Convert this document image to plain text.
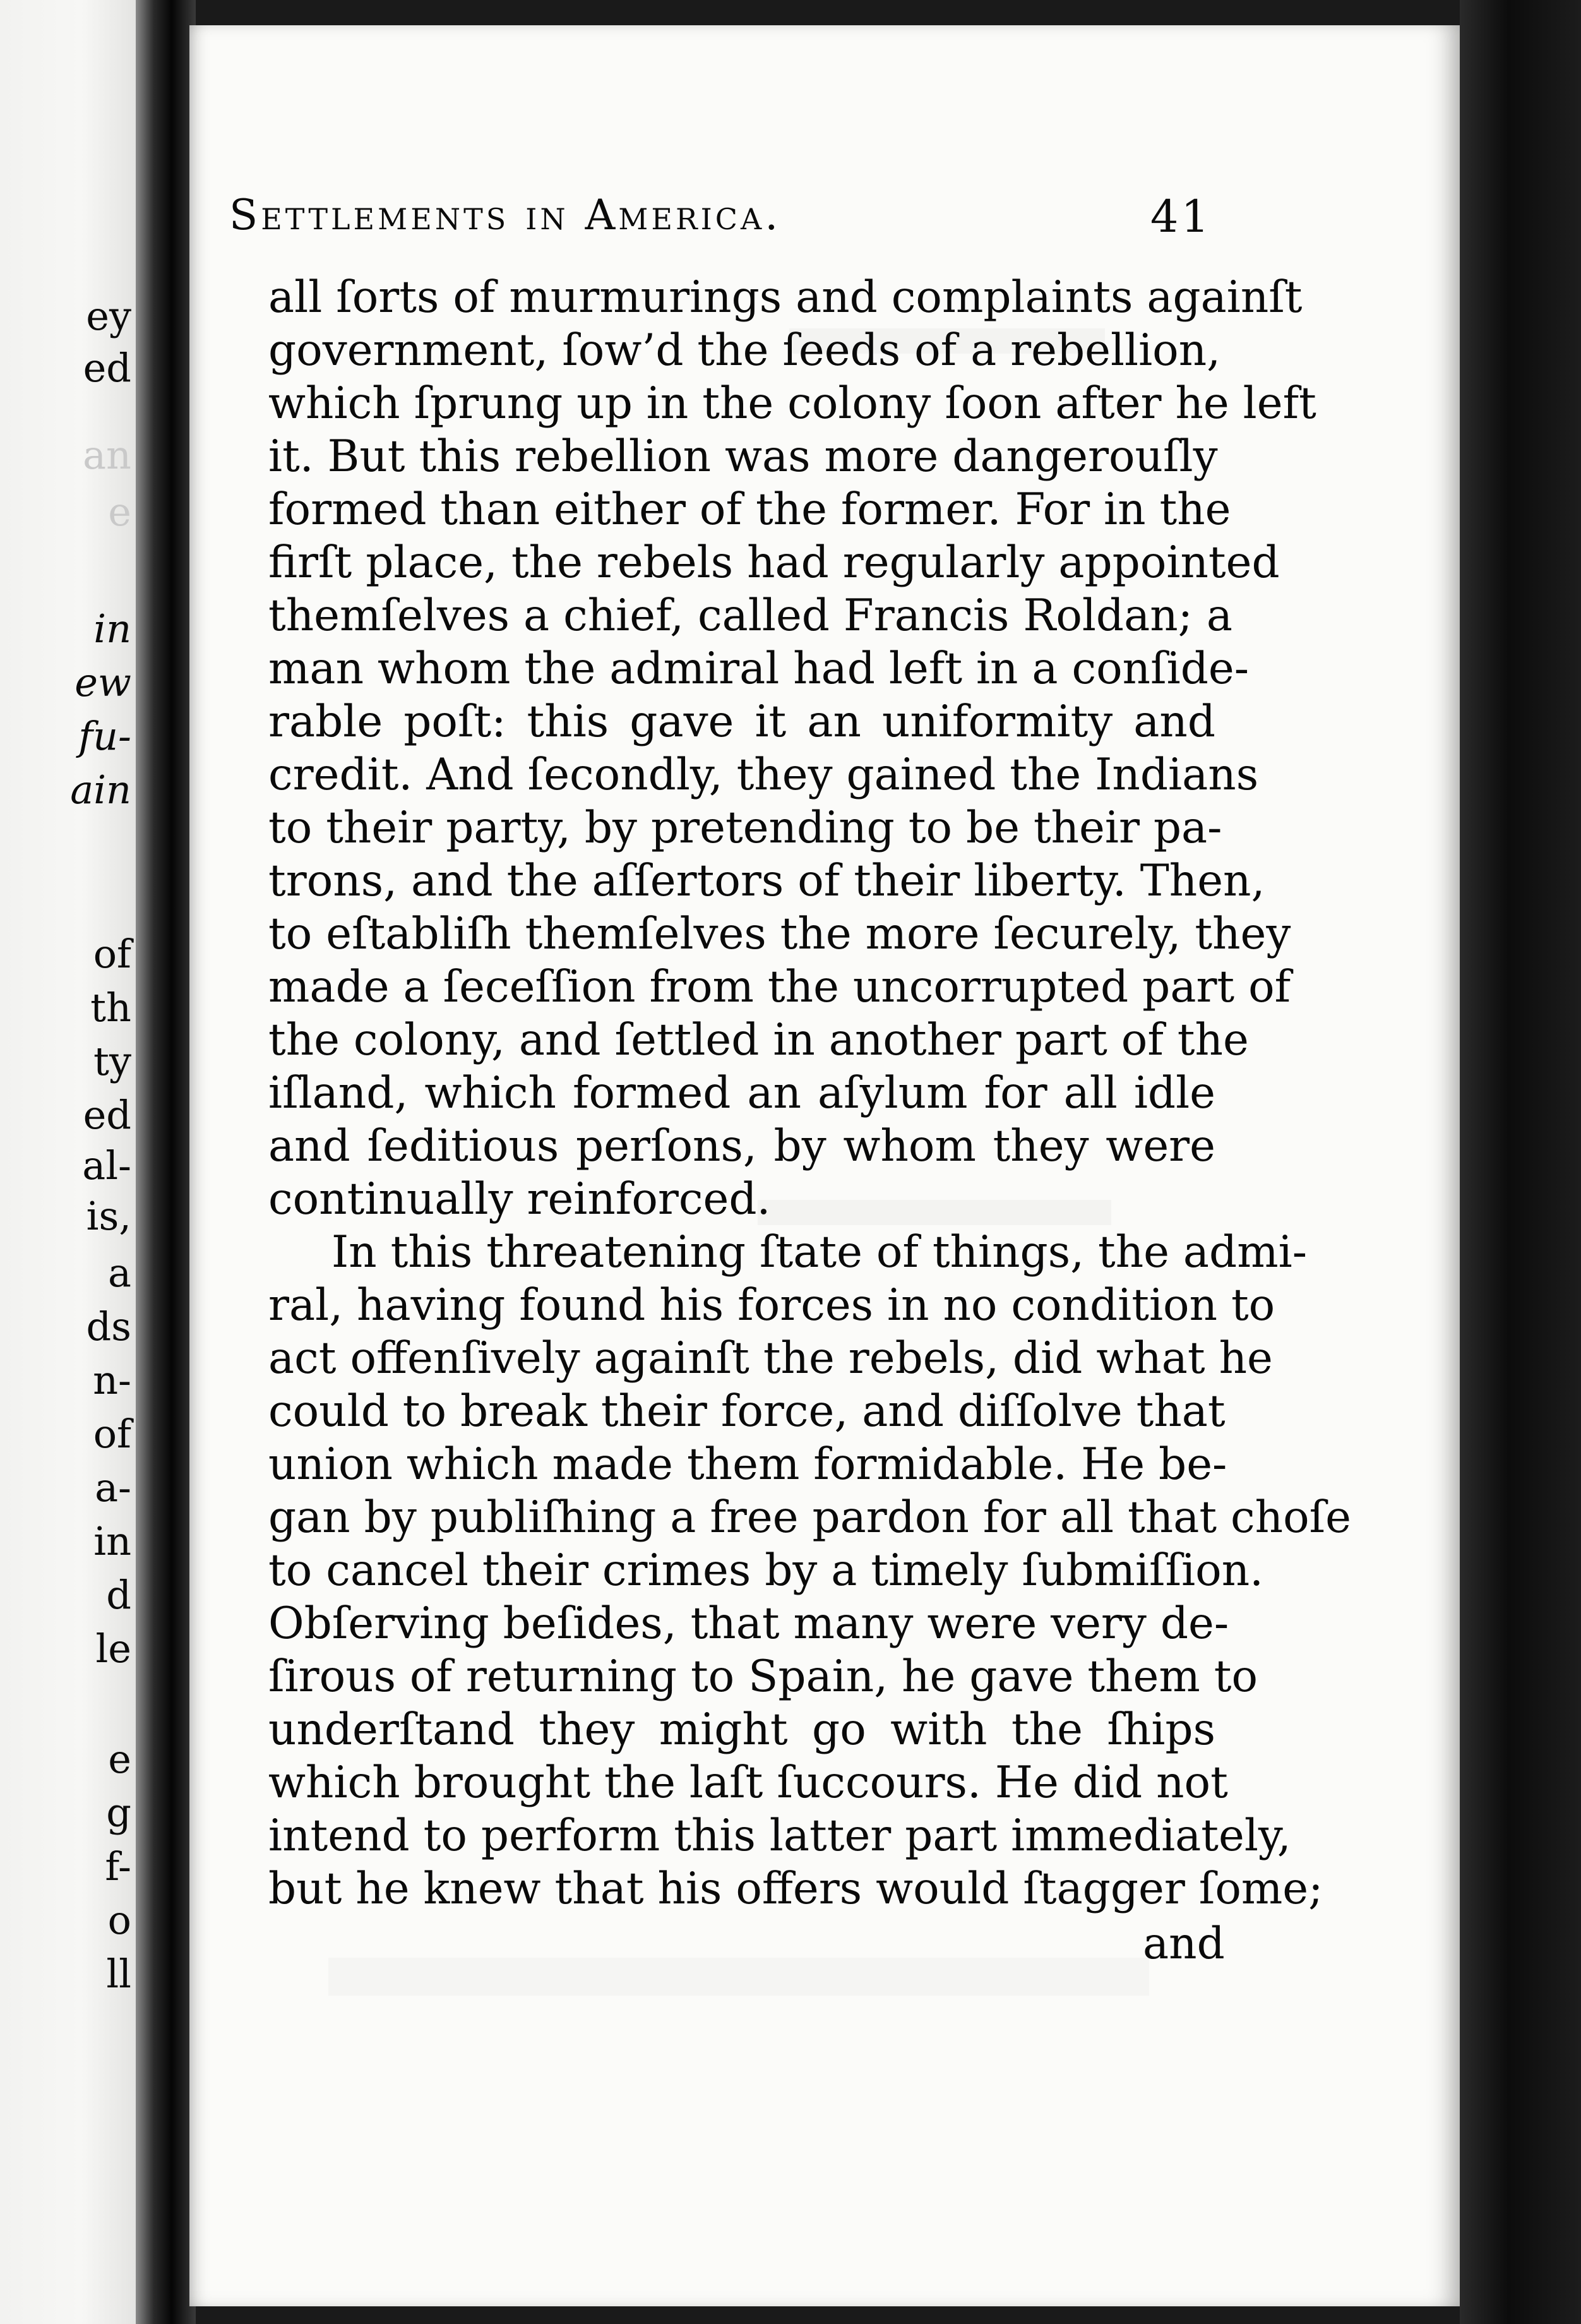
ey
ed
an
e
in
ew
fu-
ain
of
th
ty
ed
al-
is,
a
ds
n-
of
a-
in
d
le
e
g
f-
o
ll
Settlements in America.	41
all ſorts of murmurings and complaints againſt
government, ſow’d the ſeeds of a rebellion,
which ſprung up in the colony ſoon after he left
it. But this rebellion was more dangerouſly
formed than either of the former. For in the
firſt place, the rebels had regularly appointed
themſelves a chief, called Francis Roldan; a
man whom the admiral had left in a conſide-
rable poſt: this gave it an uniformity and
credit. And ſecondly, they gained the Indians
to their party, by pretending to be their pa-
trons, and the aſſertors of their liberty. Then,
to eſtabliſh themſelves the more ſecurely, they
made a ſeceſſion from the uncorrupted part of
the colony, and ſettled in another part of the
iſland, which formed an aſylum for all idle
and ſeditious perſons, by whom they were
continually reinforced.
In this threatening ſtate of things, the admi-
ral, having found his forces in no condition to
act offenſively againſt the rebels, did what he
could to break their force, and diſſolve that
union which made them formidable. He be-
gan by publiſhing a free pardon for all that choſe
to cancel their crimes by a timely ſubmiſſion.
Obſerving beſides, that many were very de-
ſirous of returning to Spain, he gave them to
underſtand they might go with the ſhips
which brought the laſt ſuccours. He did not
intend to perform this latter part immediately,
but he knew that his offers would ſtagger ſome;
and
